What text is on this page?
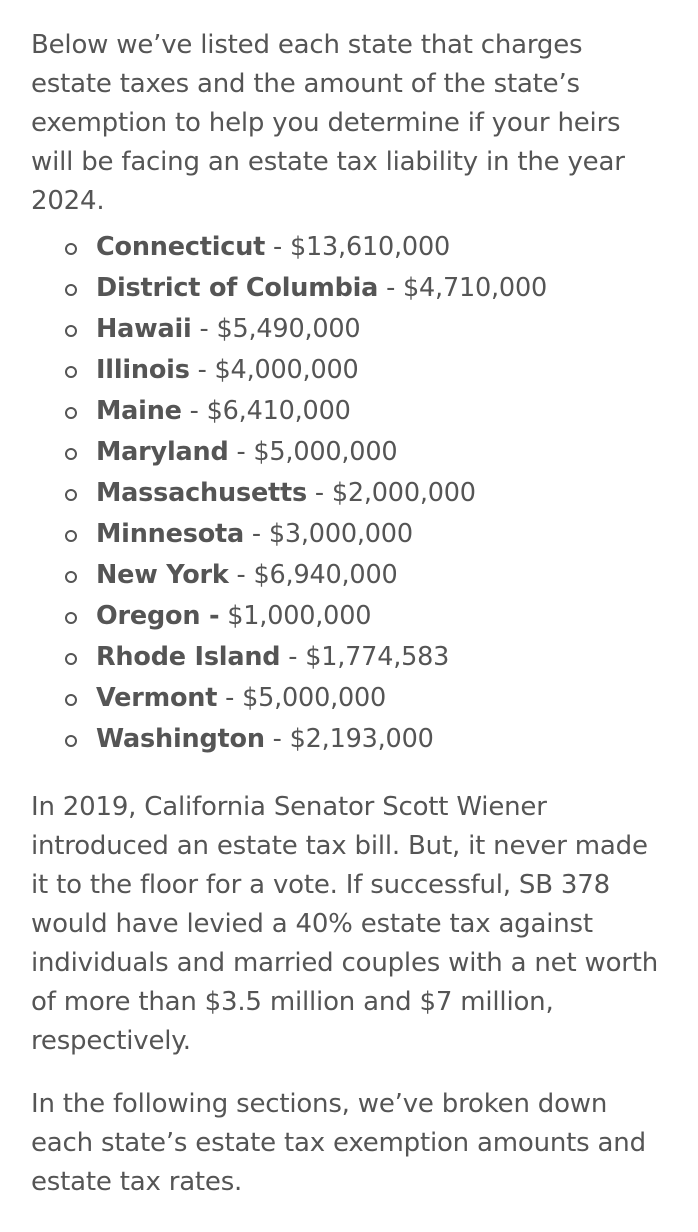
Below we’ve listed each state that charges estate taxes and the amount of the state’s exemption to help you determine if your heirs will be facing an estate tax liability in the year 2024.

Connecticut - $13,610,000
District of Columbia - $4,710,000
Hawaii - $5,490,000
Illinois - $4,000,000
Maine - $6,410,000
Maryland - $5,000,000
Massachusetts - $2,000,000
Minnesota - $3,000,000
New York - $6,940,000
Oregon - $1,000,000
Rhode Island - $1,774,583
Vermont - $5,000,000
Washington - $2,193,000

In 2019, California Senator Scott Wiener introduced an estate tax bill. But, it never made it to the floor for a vote. If successful, SB 378 would have levied a 40% estate tax against individuals and married couples with a net worth of more than $3.5 million and $7 million, respectively.

In the following sections, we’ve broken down each state’s estate tax exemption amounts and estate tax rates.
